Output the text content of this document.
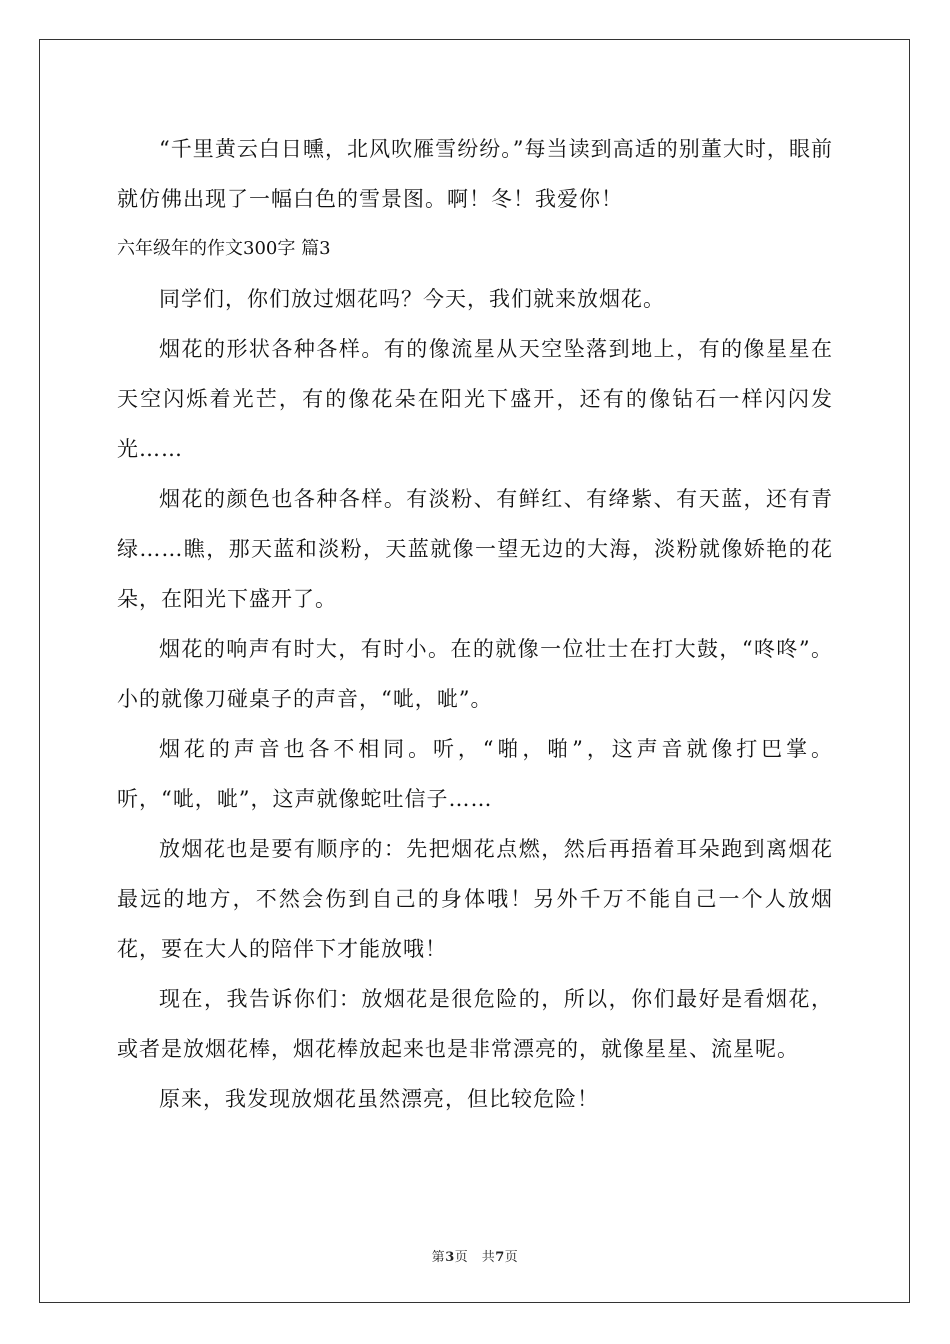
“千里黄云白日曛，北风吹雁雪纷纷。”每当读到高适的别董大时，眼前就仿佛出现了一幅白色的雪景图。啊！冬！我爱你！

六年级年的作文300字 篇3

同学们，你们放过烟花吗？今天，我们就来放烟花。

烟花的形状各种各样。有的像流星从天空坠落到地上，有的像星星在天空闪烁着光芒，有的像花朵在阳光下盛开，还有的像钻石一样闪闪发光……

烟花的颜色也各种各样。有淡粉、有鲜红、有绛紫、有天蓝，还有青绿……瞧，那天蓝和淡粉，天蓝就像一望无边的大海，淡粉就像娇艳的花朵，在阳光下盛开了。

烟花的响声有时大，有时小。在的就像一位壮士在打大鼓，“咚咚”。小的就像刀碰桌子的声音，“呲，呲”。

烟花的声音也各不相同。听，“啪，啪”，这声音就像打巴掌。听，“呲，呲”，这声就像蛇吐信子……

放烟花也是要有顺序的：先把烟花点燃，然后再捂着耳朵跑到离烟花最远的地方，不然会伤到自己的身体哦！另外千万不能自己一个人放烟花，要在大人的陪伴下才能放哦！

现在，我告诉你们：放烟花是很危险的，所以，你们最好是看烟花，或者是放烟花棒，烟花棒放起来也是非常漂亮的，就像星星、流星呢。

原来，我发现放烟花虽然漂亮，但比较危险！

第3页　共7页
